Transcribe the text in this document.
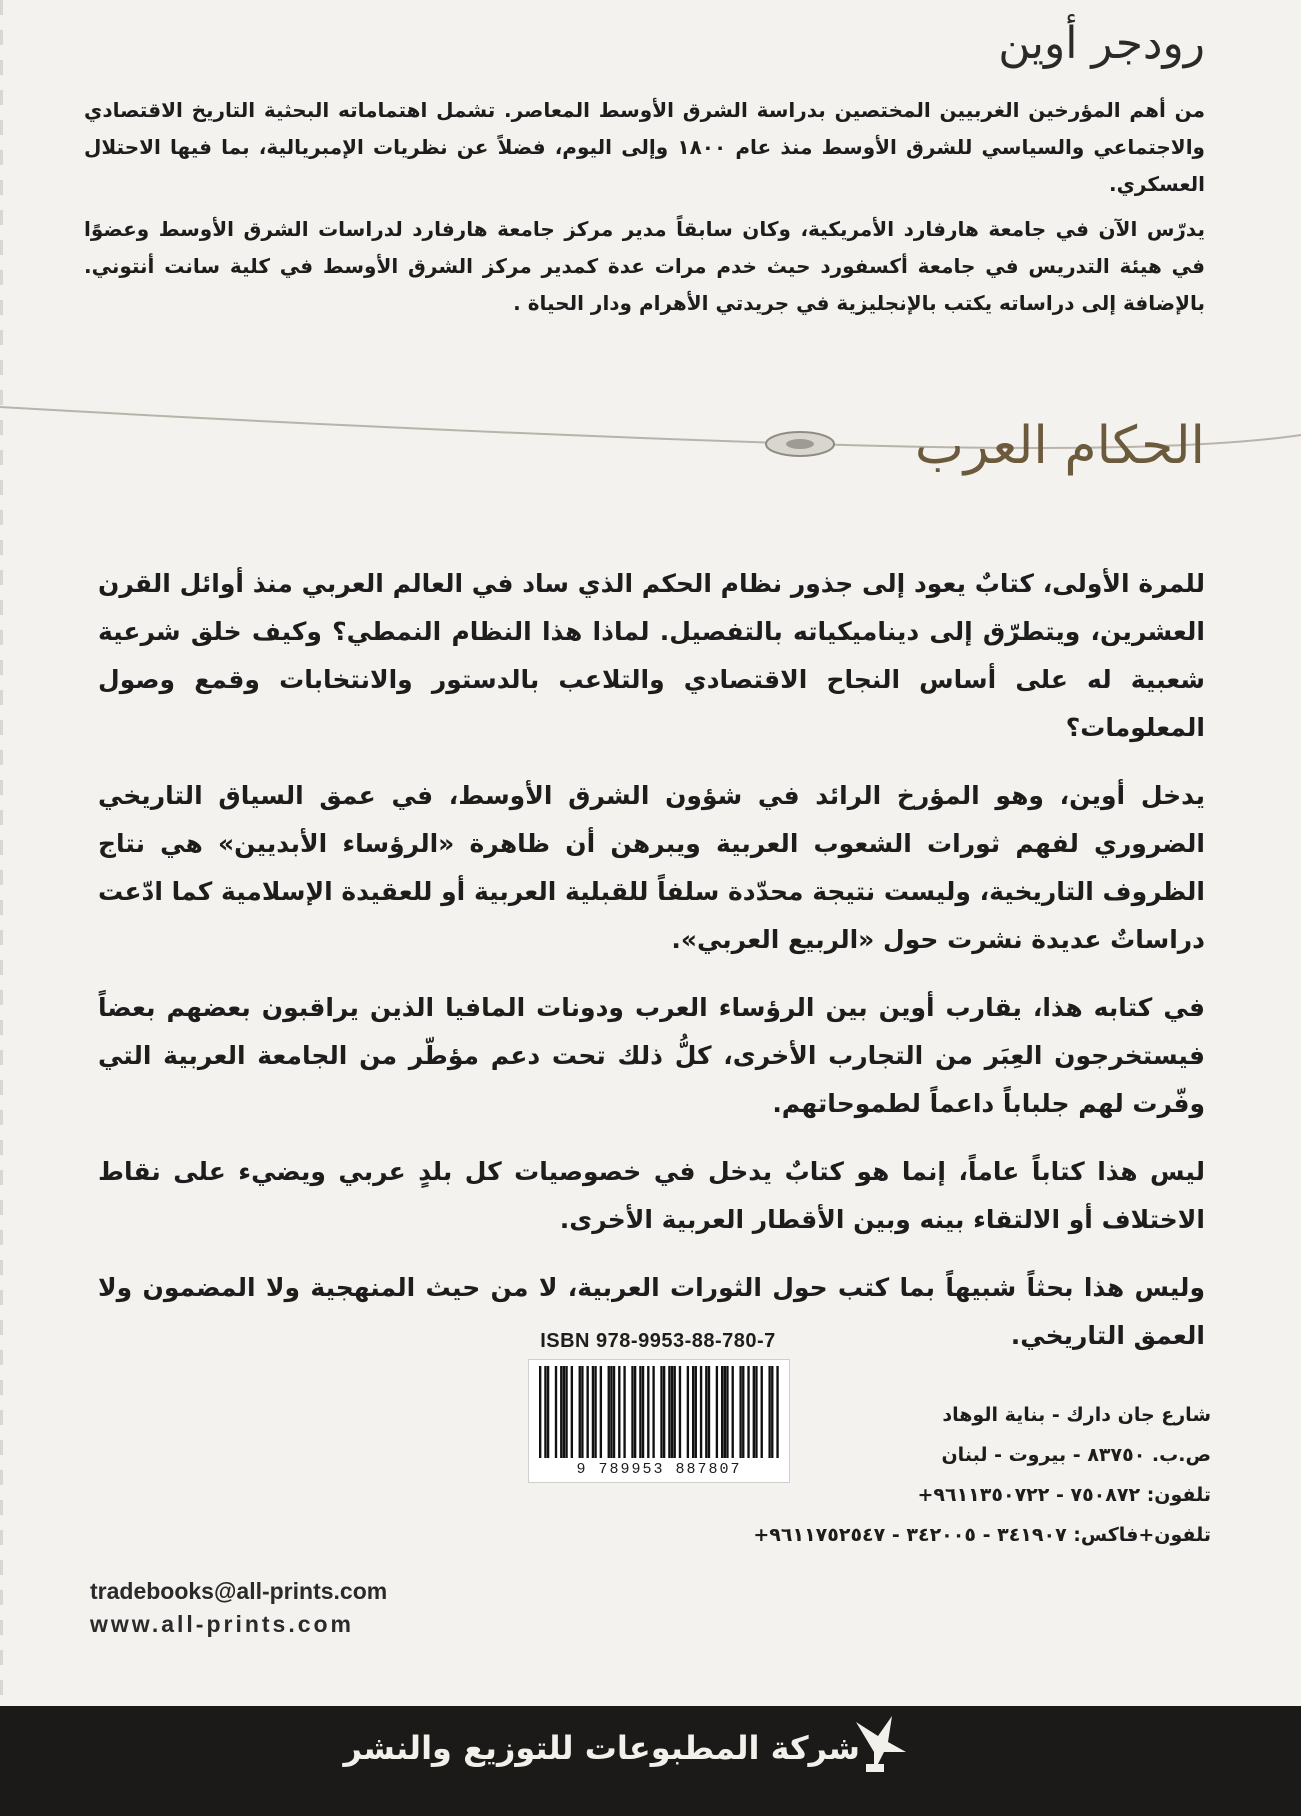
رودجر أوين

من أهم المؤرخين الغربيين المختصين بدراسة الشرق الأوسط المعاصر. تشمل اهتماماته البحثية التاريخ الاقتصادي والاجتماعي والسياسي للشرق الأوسط منذ عام ١٨٠٠ وإلى اليوم، فضلاً عن نظريات الإمبريالية، بما فيها الاحتلال العسكري.

يدرّس الآن في جامعة هارفارد الأمريكية، وكان سابقاً مدير مركز جامعة هارفارد لدراسات الشرق الأوسط وعضوًا في هيئة التدريس في جامعة أكسفورد حيث خدم مرات عدة كمدير مركز الشرق الأوسط في كلية سانت أنتوني. بالإضافة إلى دراساته يكتب بالإنجليزية في جريدتي الأهرام ودار الحياة .

الحكام العرب

للمرة الأولى، كتابٌ يعود إلى جذور نظام الحكم الذي ساد في العالم العربي منذ أوائل القرن العشرين، ويتطرّق إلى ديناميكياته بالتفصيل. لماذا هذا النظام النمطي؟ وكيف خلق شرعية شعبية له على أساس النجاح الاقتصادي والتلاعب بالدستور والانتخابات وقمع وصول المعلومات؟

يدخل أوين، وهو المؤرخ الرائد في شؤون الشرق الأوسط، في عمق السياق التاريخي الضروري لفهم ثورات الشعوب العربية ويبرهن أن ظاهرة «الرؤساء الأبديين» هي نتاج الظروف التاريخية، وليست نتيجة محدّدة سلفاً للقبلية العربية أو للعقيدة الإسلامية كما ادّعت دراساتٌ عديدة نشرت حول «الربيع العربي».

في كتابه هذا، يقارب أوين بين الرؤساء العرب ودونات المافيا الذين يراقبون بعضهم بعضاً فيستخرجون العِبَر من التجارب الأخرى، كلُّ ذلك تحت دعم مؤطّر من الجامعة العربية التي وفّرت لهم جلباباً داعماً لطموحاتهم.

ليس هذا كتاباً عاماً، إنما هو كتابٌ يدخل في خصوصيات كل بلدٍ عربي ويضيء على نقاط الاختلاف أو الالتقاء بينه وبين الأقطار العربية الأخرى.

وليس هذا بحثاً شبيهاً بما كتب حول الثورات العربية، لا من حيث المنهجية ولا المضمون ولا العمق التاريخي.

ISBN 978-9953-88-780-7
9 789953 887807
شارع جان دارك - بناية الوهاد
ص.ب. ٨٣٧٥٠ - بيروت - لبنان
تلفون: ٧٥٠٨٧٢ - ٩٦١١٣٥٠٧٢٢+
تلفون+فاكس: ٣٤١٩٠٧ - ٣٤٢٠٠٥ - ٩٦١١٧٥٢٥٤٧+
tradebooks@all-prints.com
www.all-prints.com
شركة المطبوعات للتوزيع والنشر
